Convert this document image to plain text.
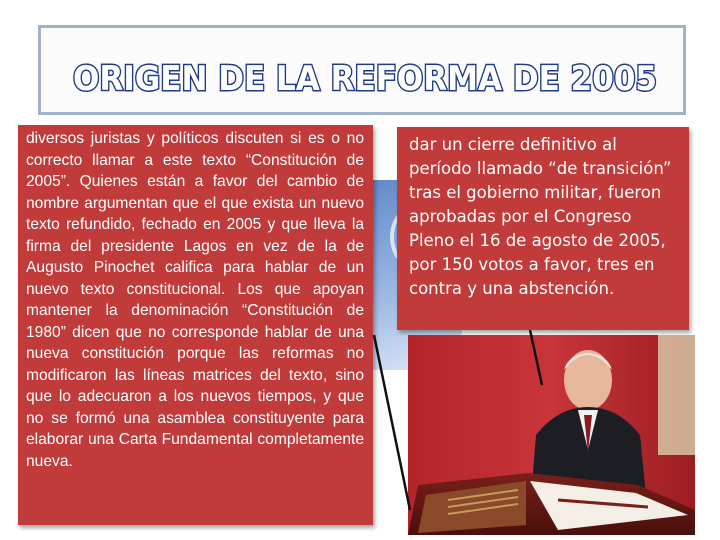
ORIGEN DE LA REFORMA DE 2005

diversos juristas y políticos discuten si es o no correcto llamar a este texto “Constitución de 2005”. Quienes están a favor del cambio de nombre argumentan que el que exista un nuevo texto refundido, fechado en 2005 y que lleva la firma del presidente Lagos en vez de la de Augusto Pinochet califica para hablar de un nuevo texto constitucional. Los que apoyan mantener la denominación “Constitución de 1980” dicen que no corresponde hablar de una nueva constitución porque las reformas no modificaron las líneas matrices del texto, sino que lo adecuaron a los nuevos tiempos, y que no se formó una asamblea constituyente para elaborar una Carta Fundamental completamente nueva.

dar un cierre definitivo al período llamado “de transición” tras el gobierno militar, fueron aprobadas por el Congreso Pleno el 16 de agosto de 2005, por 150 votos a favor, tres en contra y una abstención.
